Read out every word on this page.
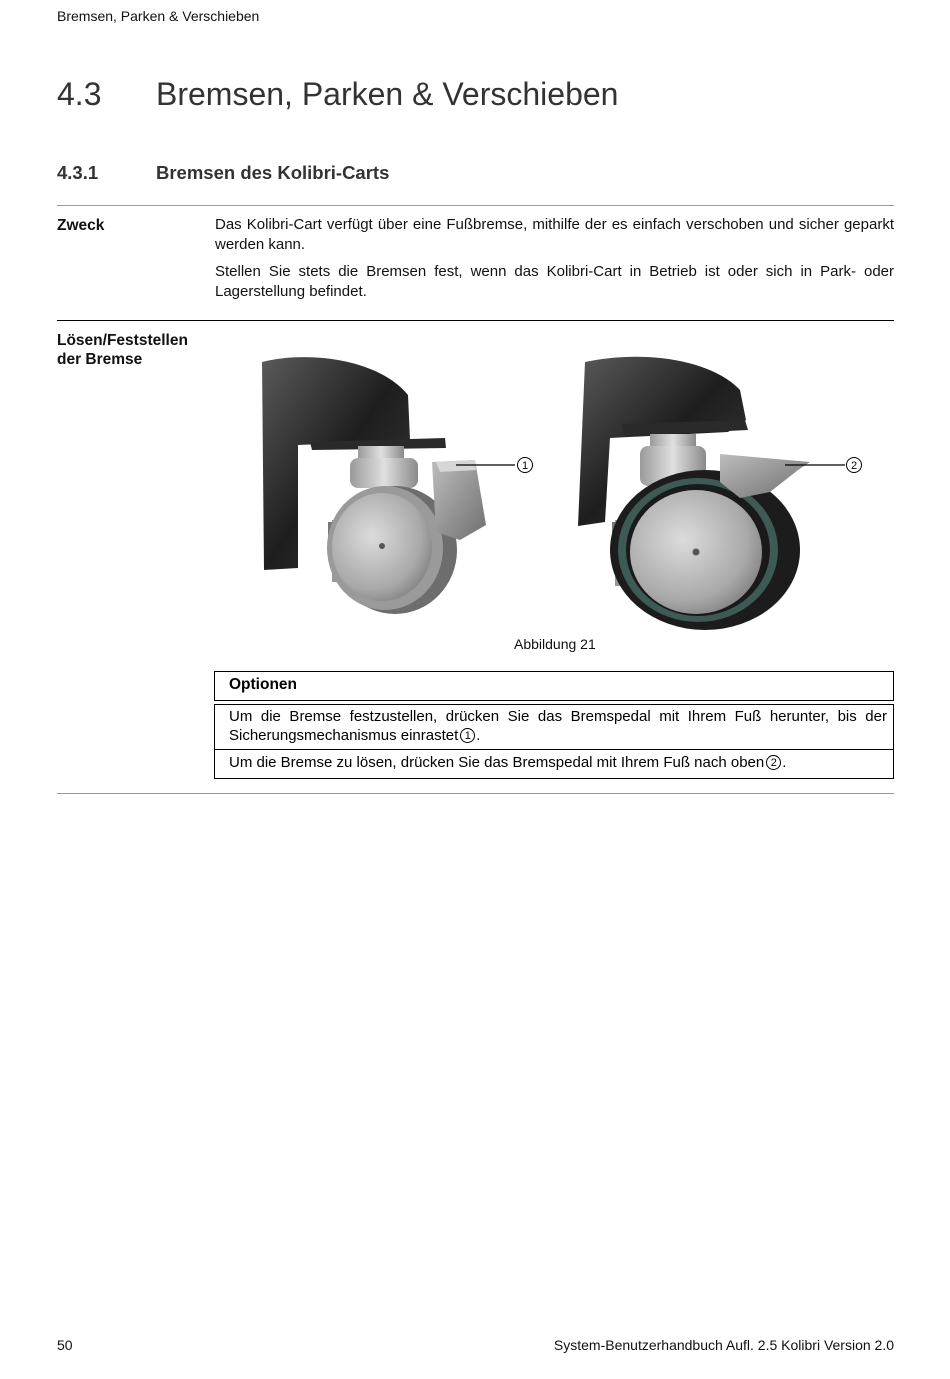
Bremsen, Parken & Verschieben
4.3 Bremsen, Parken & Verschieben
4.3.1	Bremsen des Kolibri-Carts
Zweck	Das Kolibri-Cart verfügt über eine Fußbremse, mithilfe der es einfach verschoben und sicher geparkt werden kann.
Stellen Sie stets die Bremsen fest, wenn das Kolibri-Cart in Betrieb ist oder sich in Park- oder Lagerstellung befindet.
Lösen/Feststellen
der Bremse
1	2
Abbildung 21
Optionen
Um die Bremse festzustellen, drücken Sie das Bremspedal mit Ihrem Fuß herunter, bis der Sicherungsmechanismus einrastet 1 .
Um die Bremse zu lösen, drücken Sie das Bremspedal mit Ihrem Fuß nach oben 2 .
50	System-Benutzerhandbuch Aufl. 2.5 Kolibri Version 2.0
